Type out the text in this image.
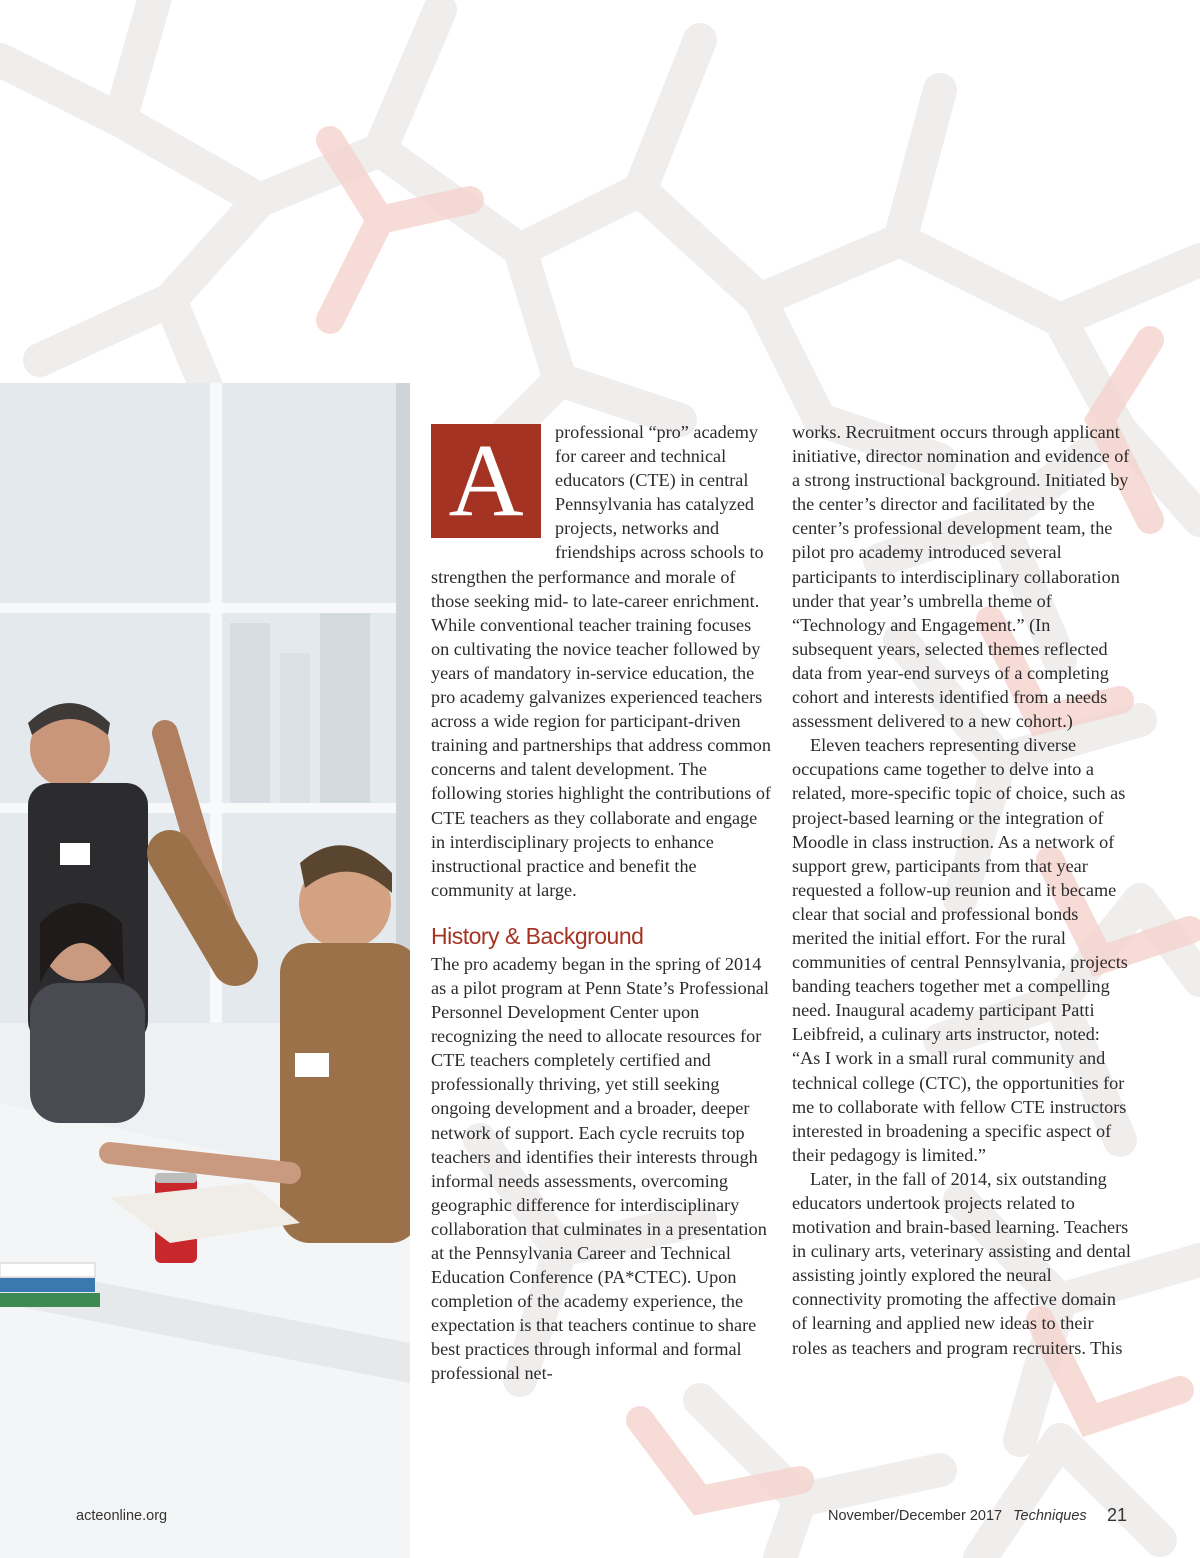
A	professional “pro” academy for career and technical educators (CTE) in central Pennsylvania has catalyzed projects, networks and friendships across schools to strengthen the performance and morale of those seeking mid- to late-career enrichment. While conventional teacher training focuses on cultivating the novice teacher followed by years of mandatory in-service education, the pro academy galvanizes experienced teachers across a wide region for participant-driven training and partnerships that address common concerns and talent development. The following stories highlight the contributions of CTE teachers as they collaborate and engage in interdisciplinary projects to enhance instructional practice and benefit the community at large.

History & Background

The pro academy began in the spring of 2014 as a pilot program at Penn State’s Professional Personnel Development Center upon recognizing the need to allocate resources for CTE teachers completely certified and professionally thriving, yet still seeking ongoing development and a broader, deeper network of support. Each cycle recruits top teachers and identifies their interests through informal needs assessments, overcoming geographic difference for interdisciplinary collaboration that culminates in a presentation at the Pennsylvania Career and Technical Education Conference (PA*CTEC). Upon completion of the academy experience, the expectation is that teachers continue to share best practices through informal and formal professional net-

works. Recruitment occurs through applicant initiative, director nomination and evidence of a strong instructional background. Initiated by the center’s director and facilitated by the center’s professional development team, the pilot pro academy introduced several participants to interdisciplinary collaboration under that year’s umbrella theme of “Technology and Engagement.” (In subsequent years, selected themes reflected data from year-end surveys of a completing cohort and interests identified from a needs assessment delivered to a new cohort.)

Eleven teachers representing diverse occupations came together to delve into a related, more-specific topic of choice, such as project-based learning or the integration of Moodle in class instruction. As a network of support grew, participants from that year requested a follow-up reunion and it became clear that social and professional bonds merited the initial effort. For the rural communities of central Pennsylvania, projects banding teachers together met a compelling need. Inaugural academy participant Patti Leibfreid, a culinary arts instructor, noted: “As I work in a small rural community and technical college (CTC), the opportunities for me to collaborate with fellow CTE instructors interested in broadening a specific aspect of their pedagogy is limited.”

Later, in the fall of 2014, six outstanding educators undertook projects related to motivation and brain-based learning. Teachers in culinary arts, veterinary assisting and dental assisting jointly explored the neural connectivity promoting the affective domain of learning and applied new ideas to their roles as teachers and program recruiters. This

acteonline.org	November/December 2017 Techniques 21
